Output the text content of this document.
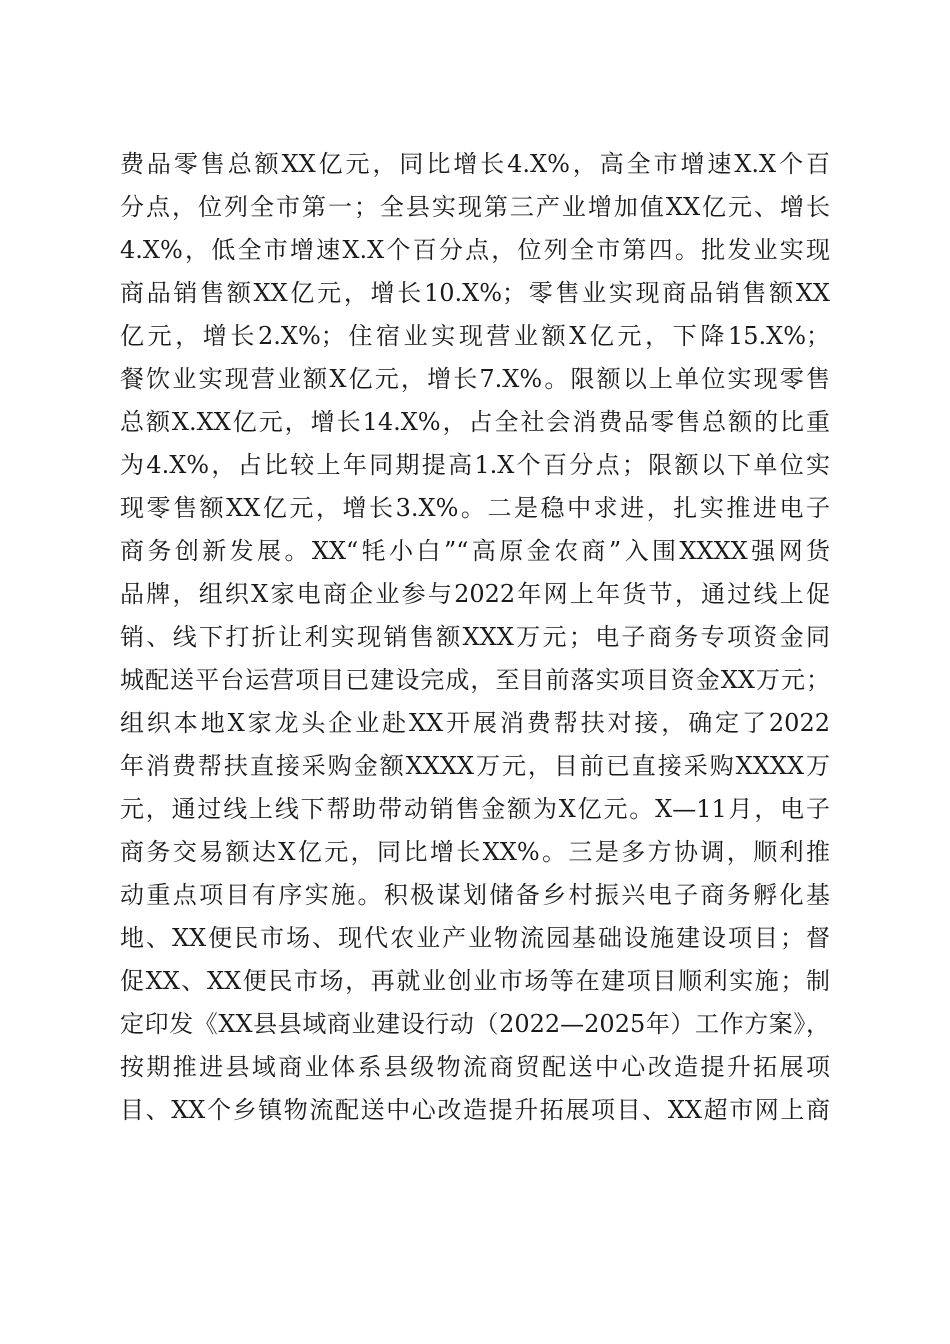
费品零售总额XX亿元，同比增长4.X%，高全市增速X.X个百
分点，位列全市第一；全县实现第三产业增加值XX亿元、增长
4.X%，低全市增速X.X个百分点，位列全市第四。批发业实现
商品销售额XX亿元，增长10.X%；零售业实现商品销售额XX
亿元，增长2.X%；住宿业实现营业额X亿元，下降15.X%；
餐饮业实现营业额X亿元，增长7.X%。限额以上单位实现零售
总额X.XX亿元，增长14.X%，占全社会消费品零售总额的比重
为4.X%，占比较上年同期提高1.X个百分点；限额以下单位实
现零售额XX亿元，增长3.X%。二是稳中求进，扎实推进电子
商务创新发展。XX“牦小白”“高原金农商”入围XXXX强网货
品牌，组织X家电商企业参与2022年网上年货节，通过线上促
销、线下打折让利实现销售额XXX万元；电子商务专项资金同
城配送平台运营项目已建设完成，至目前落实项目资金XX万元；
组织本地X家龙头企业赴XX开展消费帮扶对接，确定了2022
年消费帮扶直接采购金额XXXX万元，目前已直接采购XXXX万
元，通过线上线下帮助带动销售金额为X亿元。X—11月，电子
商务交易额达X亿元，同比增长XX%。三是多方协调，顺利推
动重点项目有序实施。积极谋划储备乡村振兴电子商务孵化基
地、XX便民市场、现代农业产业物流园基础设施建设项目；督
促XX、XX便民市场，再就业创业市场等在建项目顺利实施；制
定印发《XX县县域商业建设行动（2022—2025年）工作方案》，
按期推进县域商业体系县级物流商贸配送中心改造提升拓展项
目、XX个乡镇物流配送中心改造提升拓展项目、XX超市网上商
